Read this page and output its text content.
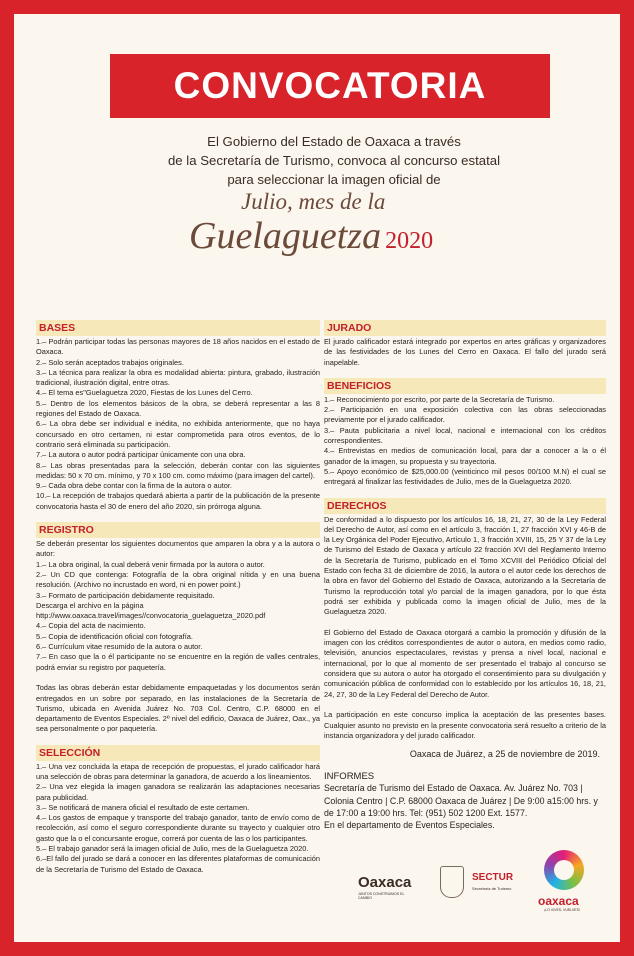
CONVOCATORIA
El Gobierno del Estado de Oaxaca a través
de la Secretaría de Turismo, convoca al concurso estatal
para seleccionar la imagen oficial de
Julio, mes de la
Guelaguetza 2020
BASES

1.– Podrán participar todas las personas mayores de 18 años nacidos en el estado de Oaxaca.
2.– Solo serán aceptados trabajos originales.
3.– La técnica para realizar la obra es modalidad abierta: pintura, grabado, ilustración tradicional, ilustración digital, entre otras.
4.– El tema es"Guelaguetza 2020, Fiestas de los Lunes del Cerro.
5.– Dentro de los elementos básicos de la obra, se deberá representar a las 8 regiones del Estado de Oaxaca.
6.– La obra debe ser individual e inédita, no exhibida anteriormente, que no haya concursado en otro certamen, ni estar comprometida para otros eventos, de lo contrario será eliminada su participación.
7.– La autora o autor podrá participar únicamente con una obra.
8.– Las obras presentadas para la selección, deberán contar con las siguientes medidas: 50 x 70 cm. mínimo, y 70 x 100 cm. como máximo (para imagen del cartel).
9.– Cada obra debe contar con la firma de la autora o autor.
10.– La recepción de trabajos quedará abierta a partir de la publicación de la presente convocatoria hasta el 30 de enero del año 2020, sin prórroga alguna.

REGISTRO

Se deberán presentar los siguientes documentos que amparen la obra y a la autora o autor:
1.– La obra original, la cual deberá venir firmada por la autora o autor.
2.– Un CD que contenga: Fotografía de la obra original nítida y en una buena resolución. (Archivo no incrustado en word, ni en power point.)
3.– Formato de participación debidamente requisitado.
Descarga el archivo en la página
http://www.oaxaca.travel/images//convocatoria_guelaguetza_2020.pdf
4.– Copia del acta de nacimiento.
5.– Copia de identificación oficial con fotografía.
6.– Currículum vitae resumido de la autora o autor.
7.– En caso que la o él participante no se encuentre en la región de valles centrales, podrá enviar su registro por paquetería.

Todas las obras deberán estar debidamente empaquetadas y los documentos serán entregados en un sobre por separado, en las instalaciones de la Secretaría de Turismo, ubicada en Avenida Juárez No. 703 Col. Centro, C.P. 68000 en el departamento de Eventos Especiales. 2º nivel del edificio, Oaxaca de Juárez, Oax., ya sea personalmente o por paquetería.

SELECCIÓN

1.– Una vez concluida la etapa de recepción de propuestas, el jurado calificador hará una selección de obras para determinar la ganadora, de acuerdo a los lineamientos.
2.– Una vez elegida la imagen ganadora se realizarán las adaptaciones necesarias para publicidad.
3.– Se notificará de manera oficial el resultado de este certamen.
4.– Los gastos de empaque y transporte del trabajo ganador, tanto de envío como de recolección, así como el seguro correspondiente durante su trayecto y cualquier otro gasto que la o el concursante erogue, correrá por cuenta de las o los participantes.
5.– El trabajo ganador será la imagen oficial de Julio, mes de la Guelaguetza 2020.
6.–El fallo del jurado se dará a conocer en las diferentes plataformas de comunicación de la Secretaría de Turismo del Estado de Oaxaca.

JURADO

El jurado calificador estará integrado por expertos en artes gráficas y organizadores de las festividades de los Lunes del Cerro en Oaxaca. El fallo del jurado será inapelable.

BENEFICIOS

1.– Reconocimiento por escrito, por parte de la Secretaría de Turismo.
2.– Participación en una exposición colectiva con las obras seleccionadas previamente por el jurado calificador.
3.– Pauta publicitaria a nivel local, nacional e internacional con los créditos correspondientes.
4.– Entrevistas en medios de comunicación local, para dar a conocer a la o él ganador de la imagen, su propuesta y su trayectoria.
5.– Apoyo económico de $25,000.00 (veinticinco mil pesos 00/100 M.N) el cual se entregará al finalizar las festividades de Julio, mes de la Guelaguetza 2020.

DERECHOS

De conformidad a lo dispuesto por los artículos 16, 18, 21, 27, 30 de la Ley Federal del Derecho de Autor, así como en el artículo 3, fracción 1, 27 fracción XVI y 46-B de la Ley Orgánica del Poder Ejecutivo, Artículo 1, 3 fracción XVIII, 15, 25 Y 37 de la Ley de Turismo del Estado de Oaxaca y artículo 22 fracción XVI del Reglamento Interno de la Secretaría de Turismo, publicado en el Tomo XCVIII del Periódico Oficial del Estado con fecha 31 de diciembre de 2016, la autora o el autor cede los derechos de la obra en favor del Gobierno del Estado de Oaxaca, autorizando a la Secretaría de Turismo la reproducción total y/o parcial de la imagen ganadora, por lo que ésta podrá ser exhibida y publicada como la imagen oficial de Julio, mes de la Guelaguetza 2020.

El Gobierno del Estado de Oaxaca otorgará a cambio la promoción y difusión de la imagen con los créditos correspondientes de autor o autora, en medios como radio, televisión, anuncios espectaculares, revistas y prensa a nivel local, nacional e internacional, por lo que al momento de ser presentado el trabajo al concurso se considera que su autora o autor ha otorgado el consentimiento para su divulgación y comunicación pública de conformidad con lo establecido por los artículos 16, 18, 21, 24, 27, 30 de la Ley Federal del Derecho de Autor.

La participación en este concurso implica la aceptación de las presentes bases. Cualquier asunto no previsto en la presente convocatoria será resuelto a criterio de la instancia organizadora y del jurado calificador.

Oaxaca de Juárez, a 25 de noviembre de 2019.
INFORMES
Secretaría de Turismo del Estado de Oaxaca. Av. Juárez No. 703 | Colonia Centro | C.P. 68000 Oaxaca de Juárez | De 9:00 a15:00 hrs. y de 17:00 a 19:00 hrs. Tel: (951) 502 1200 Ext. 1577.
En el departamento de Eventos Especiales.
Oaxaca
JUNTOS CONSTRUIMOS EL CAMBIO
SECTUR
Secretaría de Turismo
oaxaca
¡LO VIVES, VUELVES!
